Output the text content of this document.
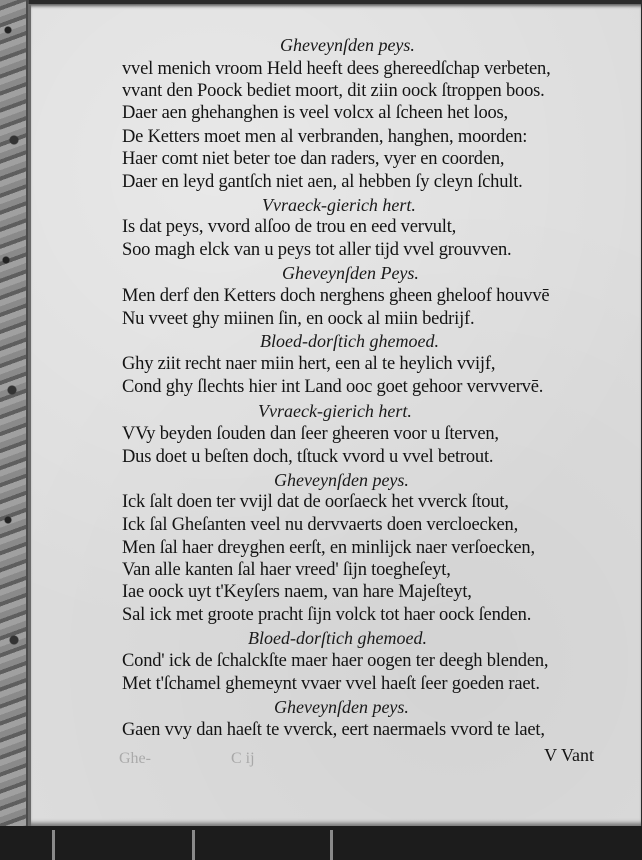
Ghe-	C ij	V Vant
Gheveynſden peys.
vvel menich vroom Held heeft dees ghereedſchap verbeten,
vvant den Poock bediet moort, dit ziin oock ſtroppen boos.
Daer aen ghehanghen is veel volcx al ſcheen het loos,
De Ketters moet men al verbranden, hanghen, moorden:
Haer comt niet beter toe dan raders, vyer en coorden,
Daer en leyd gantſch niet aen, al hebben ſy cleyn ſchult.
Vvraeck-gierich hert.
Is dat peys, vvord alſoo de trou en eed vervult,
Soo magh elck van u peys tot aller tijd vvel grouvven.
Gheveynſden Peys.
Men derf den Ketters doch nerghens gheen gheloof houvvē
Nu vveet ghy miinen ſin, en oock al miin bedrijf.
Bloed-dorſtich ghemoed.
Ghy ziit recht naer miin hert, een al te heylich vvijf,
Cond ghy ſlechts hier int Land ooc goet gehoor vervvervē.
Vvraeck-gierich hert.
VVy beyden ſouden dan ſeer gheeren voor u ſterven,
Dus doet u beſten doch, tſtuck vvord u vvel betrout.
Gheveynſden peys.
Ick ſalt doen ter vvijl dat de oorſaeck het vverck ſtout,
Ick ſal Gheſanten veel nu dervvaerts doen vercloecken,
Men ſal haer dreyghen eerſt, en minlijck naer verſoecken,
Van alle kanten ſal haer vreed' ſijn toegheſeyt,
Iae oock uyt t'Keyſers naem, van hare Majeſteyt,
Sal ick met groote pracht ſijn volck tot haer oock ſenden.
Bloed-dorſtich ghemoed.
Cond' ick de ſchalckſte maer haer oogen ter deegh blenden,
Met t'ſchamel ghemeynt vvaer vvel haeſt ſeer goeden raet.
Gheveynſden peys.
Gaen vvy dan haeſt te vverck, eert naermaels vvord te laet,
